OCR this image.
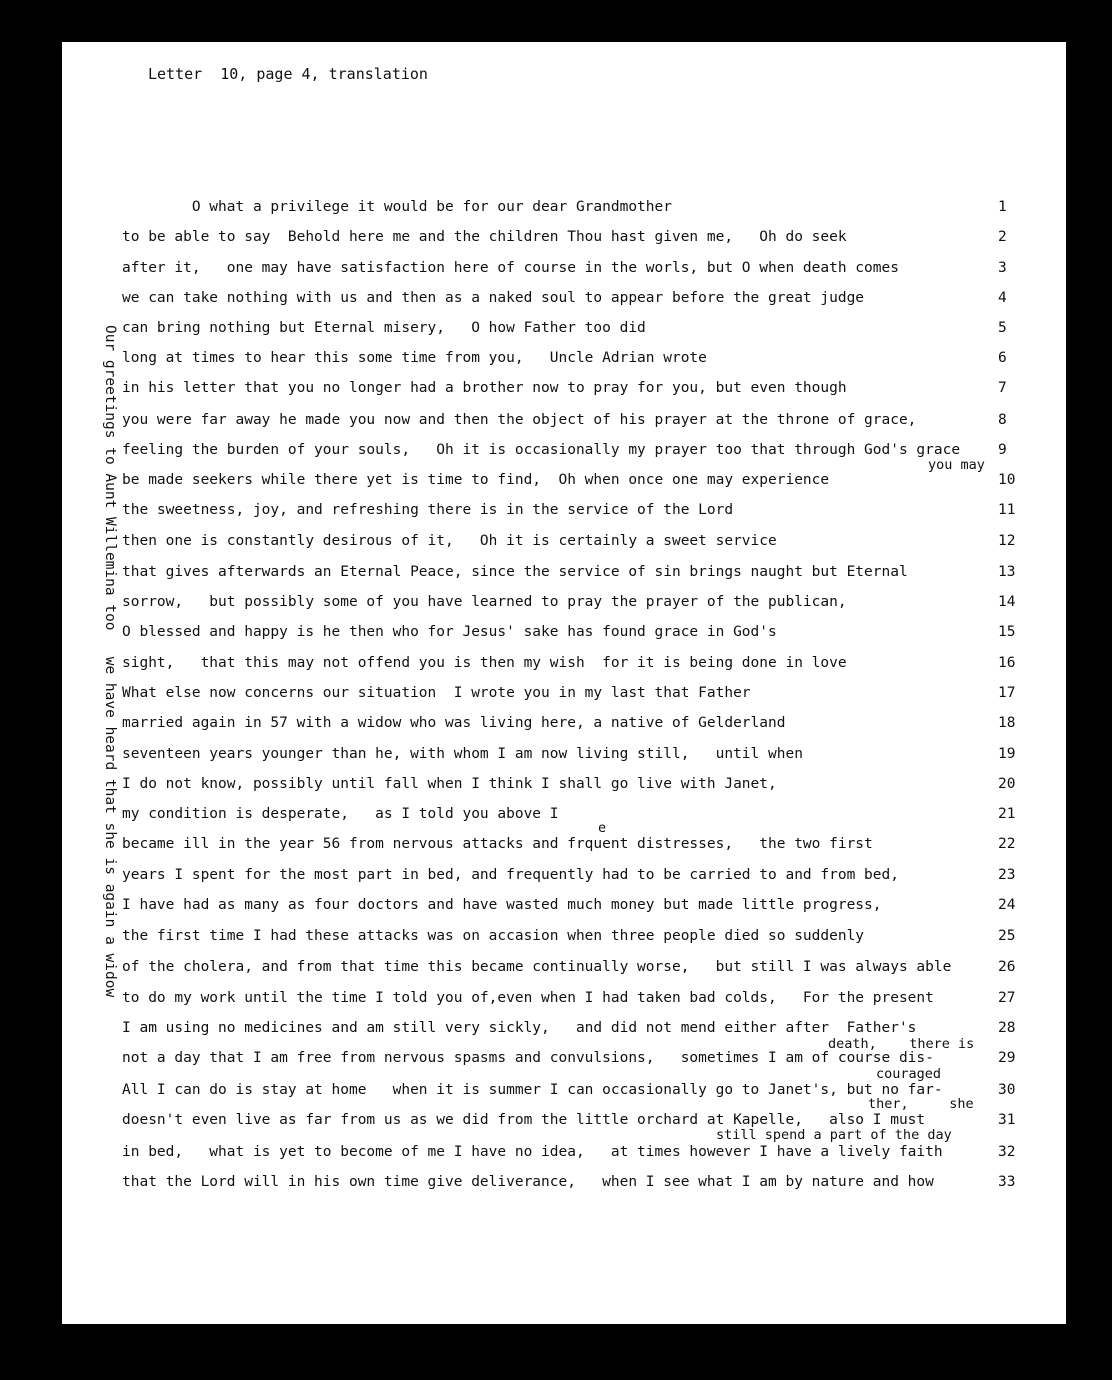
Letter  10, page 4, translation
Our greetings to Aunt Willemina too   we have heard that she is again a widow
O what a privilege it would be for our dear Grandmother	1
to be able to say  Behold here me and the children Thou hast given me,   Oh do seek	2
after it,   one may have satisfaction here of course in the worls, but O when death comes	3
we can take nothing with us and then as a naked soul to appear before the great judge	4
can bring nothing but Eternal misery,   O how Father too did	5
long at times to hear this some time from you,   Uncle Adrian wrote	6
in his letter that you no longer had a brother now to pray for you, but even though	7
you were far away he made you now and then the object of his prayer at the throne of grace,	8
feeling the burden of your souls,   Oh it is occasionally my prayer too that through God's grace	9
be made seekers while there yet is time to find,  Oh when once one may experience	10
the sweetness, joy, and refreshing there is in the service of the Lord	11
then one is constantly desirous of it,   Oh it is certainly a sweet service	12
that gives afterwards an Eternal Peace, since the service of sin brings naught but Eternal	13
sorrow,   but possibly some of you have learned to pray the prayer of the publican,	14
O blessed and happy is he then who for Jesus' sake has found grace in God's	15
sight,   that this may not offend you is then my wish  for it is being done in love	16
What else now concerns our situation  I wrote you in my last that Father	17
married again in 57 with a widow who was living here, a native of Gelderland	18
seventeen years younger than he, with whom I am now living still,   until when	19
I do not know, possibly until fall when I think I shall go live with Janet,	20
my condition is desperate,   as I told you above I	21
became ill in the year 56 from nervous attacks and frquent distresses,   the two first	22
years I spent for the most part in bed, and frequently had to be carried to and from bed,	23
I have had as many as four doctors and have wasted much money but made little progress,	24
the first time I had these attacks was on accasion when three people died so suddenly	25
of the cholera, and from that time this became continually worse,   but still I was always able	26
to do my work until the time I told you of,even when I had taken bad colds,   For the present	27
I am using no medicines and am still very sickly,   and did not mend either after  Father's	28
not a day that I am free from nervous spasms and convulsions,   sometimes I am of course dis-	29
All I can do is stay at home   when it is summer I can occasionally go to Janet's, but no far-	30
doesn't even live as far from us as we did from the little orchard at Kapelle,   also I must	31
in bed,   what is yet to become of me I have no idea,   at times however I have a lively faith	32
that the Lord will in his own time give deliverance,   when I see what I am by nature and how	33
you may
e
death,    there is
couraged
ther,     she
still spend a part of the day
